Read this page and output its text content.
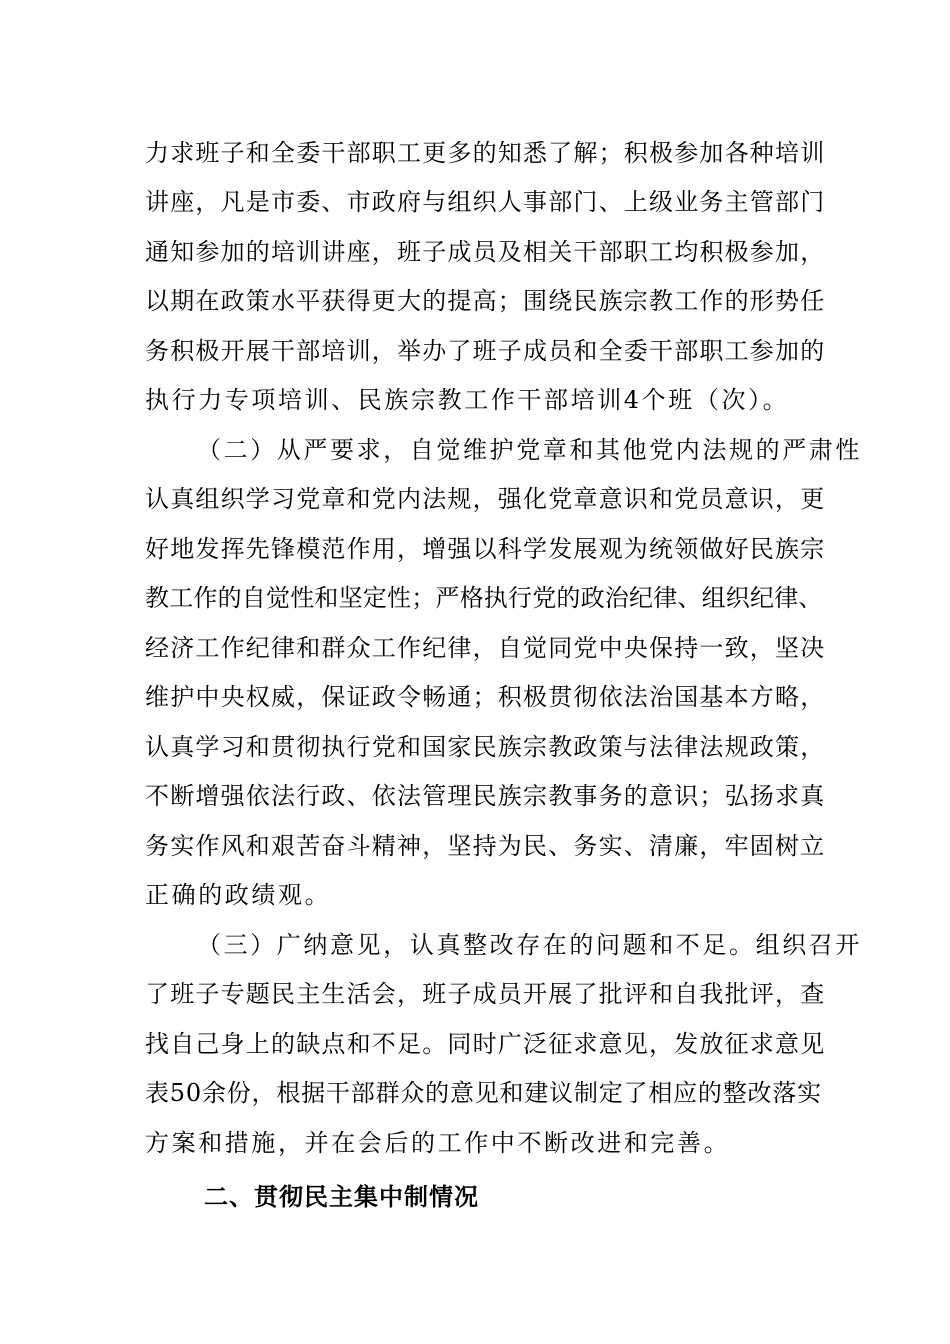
力求班子和全委干部职工更多的知悉了解；积极参加各种培训
讲座，凡是市委、市政府与组织人事部门、上级业务主管部门
通知参加的培训讲座，班子成员及相关干部职工均积极参加，
以期在政策水平获得更大的提高；围绕民族宗教工作的形势任
务积极开展干部培训，举办了班子成员和全委干部职工参加的
执行力专项培训、民族宗教工作干部培训4个班（次）。
（二）从严要求，自觉维护党章和其他党内法规的严肃性
认真组织学习党章和党内法规，强化党章意识和党员意识，更
好地发挥先锋模范作用，增强以科学发展观为统领做好民族宗
教工作的自觉性和坚定性；严格执行党的政治纪律、组织纪律、
经济工作纪律和群众工作纪律，自觉同党中央保持一致，坚决
维护中央权威，保证政令畅通；积极贯彻依法治国基本方略，
认真学习和贯彻执行党和国家民族宗教政策与法律法规政策，
不断增强依法行政、依法管理民族宗教事务的意识；弘扬求真
务实作风和艰苦奋斗精神，坚持为民、务实、清廉，牢固树立
正确的政绩观。
（三）广纳意见，认真整改存在的问题和不足。组织召开
了班子专题民主生活会，班子成员开展了批评和自我批评，查
找自己身上的缺点和不足。同时广泛征求意见，发放征求意见
表50余份，根据干部群众的意见和建议制定了相应的整改落实
方案和措施，并在会后的工作中不断改进和完善。
二、贯彻民主集中制情况
